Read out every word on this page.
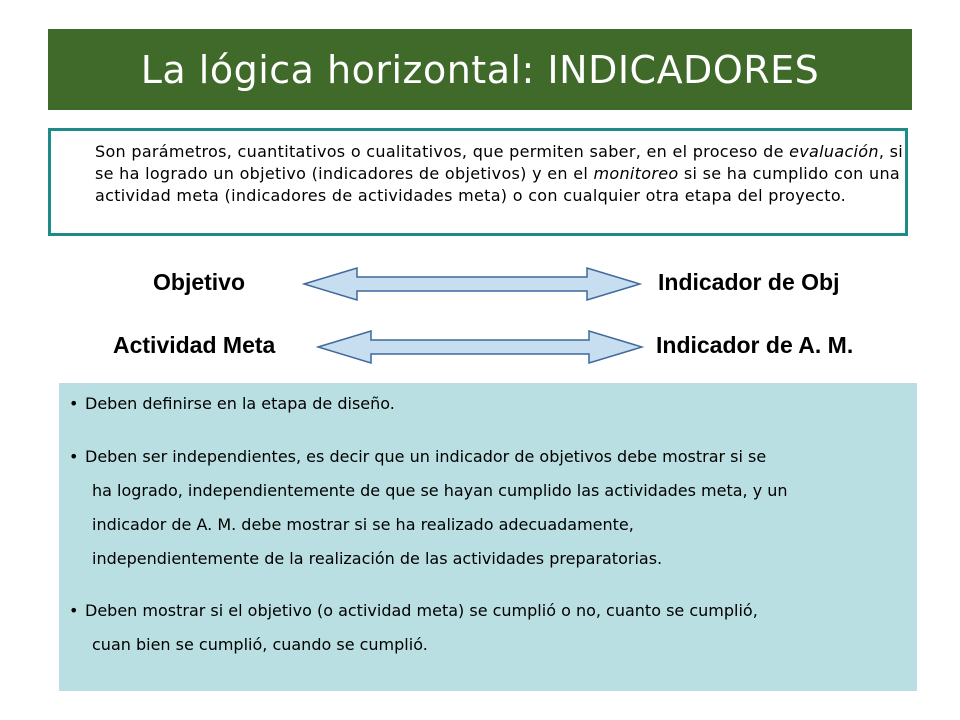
La lógica horizontal: INDICADORES
Son parámetros, cuantitativos o cualitativos, que permiten saber, en el proceso de evaluación, si se ha logrado un objetivo (indicadores de objetivos) y en el monitoreo si se ha cumplido con una actividad meta (indicadores de actividades meta) o con cualquier otra etapa del proyecto.
Objetivo	Indicador de Obj
Actividad Meta	Indicador de A. M.

• Deben definirse en la etapa de diseño.

• Deben ser independientes, es decir que un indicador de objetivos debe mostrar si se
ha logrado, independientemente de que se hayan cumplido las actividades meta, y un
indicador de A. M. debe mostrar si se ha realizado adecuadamente,
independientemente de la realización de las actividades preparatorias.

• Deben mostrar si el objetivo (o actividad meta) se cumplió o no, cuanto se cumplió,
cuan bien se cumplió, cuando se cumplió.
